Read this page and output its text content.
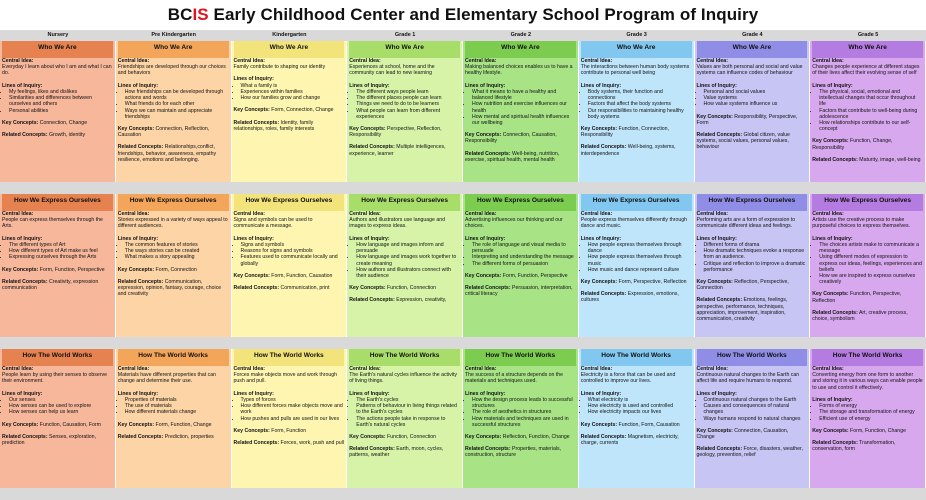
BCIS Early Childhood Center and Elementary School Program of Inquiry
Nursery	Pre Kindergarten	Kindergarten	Grade 1	Grade 2	Grade 3	Grade 4	Grade 5
Who We Are
Central Idea:
Everyday I learn about who I am and what I can do.
Lines of Inquiry:
• My feelings, likes and dislikes
• Similarities and differences between ourselves and others
• Personal abilities
Key Concepts: Connection, Change
Related Concepts: Growth, identity
Who We Are
Central Idea:
Friendships are developed through our choices and behaviors
Lines of Inquiry:
• How friendships can be developed through actions and words
• What friends do for each other
• Ways we can maintain and appreciate friendships
Key Concepts: Connection, Reflection, Causation
Related Concepts: Relationships,conflict, friendships, behavior, awareness, empathy resilience, emotions and belonging.
Who We Are
Central Idea:
Family contribute to shaping our identity
Lines of Inquiry:
• What a family is
• Experiences within families
• How our families grow and change
Key Concepts: Form, Connection, Change
Related Concepts: Identity, family relationships, roles, family interests
Who We Are
Central Idea:
Experiences at school, home and the community can lead to new learning
Lines of Inquiry:
• The different ways people learn
• The different places people can learn
• Things we need to do to be learners
• What people can learn from different experiences
Key Concepts: Perspective, Reflection, Responsibility
Related Concepts: Multiple intelligences, experience, learner
Who We Are
Central Idea:
Making balanced choices enables us to have a healthy lifestyle.
Lines of Inquiry:
• What it means to have a healthy and balanced lifestyle
• How nutrition and exercise influences our health
• How mental and spiritual health influences our wellbeing
Key Concepts: Connection, Causation, Responsibility
Related Concepts: Well-being, nutrition, exercise, spiritual health, mental health
Who We Are
Central Idea:
The interactions between human body systems contribute to personal well being
Lines of Inquiry:
• Body systems, their function and connections
• Factors that affect the body systems
• Our responsibilities to maintaining healthy body systems
Key Concepts: Function, Connection, Responsibility
Related Concepts: Well-being, systems, interdependence
Who We Are
Central Idea:
Values are both personal and social and value systems can influence codes of behaviour
Lines of Inquiry:
• Personal and social values
• Value systems
• How value systems influence us
Key Concepts: Responsibility, Perspective, Form
Related Concepts: Global citizen, value systems, social values, personal values, behaviour
Who We Are
Central Idea:
Changes people experience at different stages of their lives affect their evolving sense of self
Lines of Inquiry:
• The physical, social, emotional and intellectual changes that occur throughout life
• Factors that contribute to well-being during adolescence
• How relationships contribute to our self-concept
Key Concepts: Function, Change, Responsibility
Related Concepts: Maturity, image, well-being
How We Express Ourselves
Central Idea:
People can express themselves through the Arts.
Lines of Inquiry:
• The different types of Art
• How different types of Art make us feel
• Expressing ourselves through the Arts
Key Concepts: Form, Function, Perspective
Related Concepts: Creativity, expression communication
How We Express Ourselves
Central Idea:
Stories expressed in a variety of ways appeal to different audiences.
Lines of Inquiry:
• The common features of stories
• The ways stories can be created
• What makes a story appealing
Key Concepts: Form, Connection
Related Concepts: Communication, expression, opinion, fantasy, courage, choice and creativity
How We Express Ourselves
Central Idea:
Signs and symbols can be used to communicate a message.
Lines of Inquiry:
• Signs and symbols
• Reasons for signs and symbols
• Features used to communicate locally and globally
Key Concepts: Form, Function, Causation
Related Concepts: Communication, print
How We Express Ourselves
Central Idea:
Authors and illustrators use language and images to express ideas.
Lines of Inquiry:
• How language and images inform and persuade
• How language and images work together to create meaning
• How authors and illustrators connect with their audience
Key Concepts: Function, Connection
Related Concepts: Expression, creativity,
How We Express Ourselves
Central Idea:
Advertising influences our thinking and our choices.
Lines of Inquiry:
• The role of language and visual media to persuade
• Interpreting and understanding the message
• The different forms of persuasion
Key Concepts: Form, Function, Perspective
Related Concepts: Persuasion, interpretation, critical literacy
How We Express Ourselves
Central Idea:
People express themselves differently through dance and music.
Lines of Inquiry:
• How people express themselves through dance
• How people express themselves through music
• How music and dance represent culture
Key Concepts: Form, Perspective, Reflection
Related Concepts: Expression, emotions, cultures
How We Express Ourselves
Central Idea:
Performing arts are a form of expression to communicate different ideas and feelings.
Lines of Inquiry:
• Different forms of drama
• How dramatic techniques evoke a response from an audience.
• Critique and reflection to improve a dramatic performance
Key Concepts: Reflection, Perspective, Connection
Related Concepts: Emotions, feelings, perspective, performance, techniques, appreciation, improvement, inspiration, communication, creativity
How We Express Ourselves
Central Idea:
Artists use the creative process to make purposeful choices to express themselves.
Lines of Inquiry:
• The choices artists make to communicate a message
• Using different modes of expression to express our ideas, feelings, experiences and beliefs
• How we are inspired to express ourselves creatively
Key Concepts: Function, Perspective, Reflection
Related Concepts: Art, creative process, choice, symbolism
How The World Works
Central Idea:
People learn by using their senses to observe their environment.
Lines of Inquiry:
• Our senses
• How senses can be used to explore
• How senses can help us learn
Key Concepts: Function, Causation, Form
Related Concepts: Senses, exploration, prediction
How The World Works
Central Idea:
Materials have different properties that can change and determine their use.
Lines of Inquiry:
• Properties of materials
• The use of materials
• How different materials change
Key Concepts: Form, Function, Change
Related Concepts: Prediction, properties
How The World Works
Central Idea:
Forces make objects move and work through push and pull.
Lines of Inquiry:
• Types of forces
• How different forces make objects move and work
• How pushes and pulls are used in our lives
Key Concepts: Form, Function
Related Concepts: Forces, work, push and pull
How The World Works
Central Idea:
The Earth's natural cycles influence the activity of living things.
Lines of Inquiry:
• The Earth's cycles
• Patterns of behaviour in living things related to the Earth's cycles
• The actions people take in response to Earth's natural cycles
Key Concepts: Function, Connection
Related Concepts: Earth, moon, cycles, patterns, weather
How The World Works
Central Idea:
The success of a structure depends on the materials and techniques used.
Lines of Inquiry:
• How the design process leads to successful structures
• The role of aesthetics in structures
• How materials and techniques are used in successful structures
Key Concepts: Reflection, Function, Change
Related Concepts: Properties, materials, construction, structure
How The World Works
Central Idea:
Electricity is a force that can be used and controlled to improve our lives.
Lines of Inquiry:
• What electricity is
• How electricity is used and controlled
• How electricity impacts our lives
Key Concepts: Function, Form, Causation
Related Concepts: Magnetism, electricity, charge, currents
How The World Works
Central Idea:
Continuous natural changes to the Earth can affect life and require humans to respond.
Lines of Inquiry:
• Continuous natural changes to the Earth
• Causes and consequences of natural changes
• Ways humans respond to natural changes
Key Concepts: Connection, Causation, Change
Related Concepts: Force, disasters, weather, geology, prevention, relief
How The World Works
Central Idea:
Converting energy from one form to another and storing it in various ways can enable people to use and control it effectively.
Lines of Inquiry:
• Forms of energy
• The storage and transformation of energy
• Efficient use of energy
Key Concepts: Form, Function, Change
Related Concepts: Transformation, conservation, form
